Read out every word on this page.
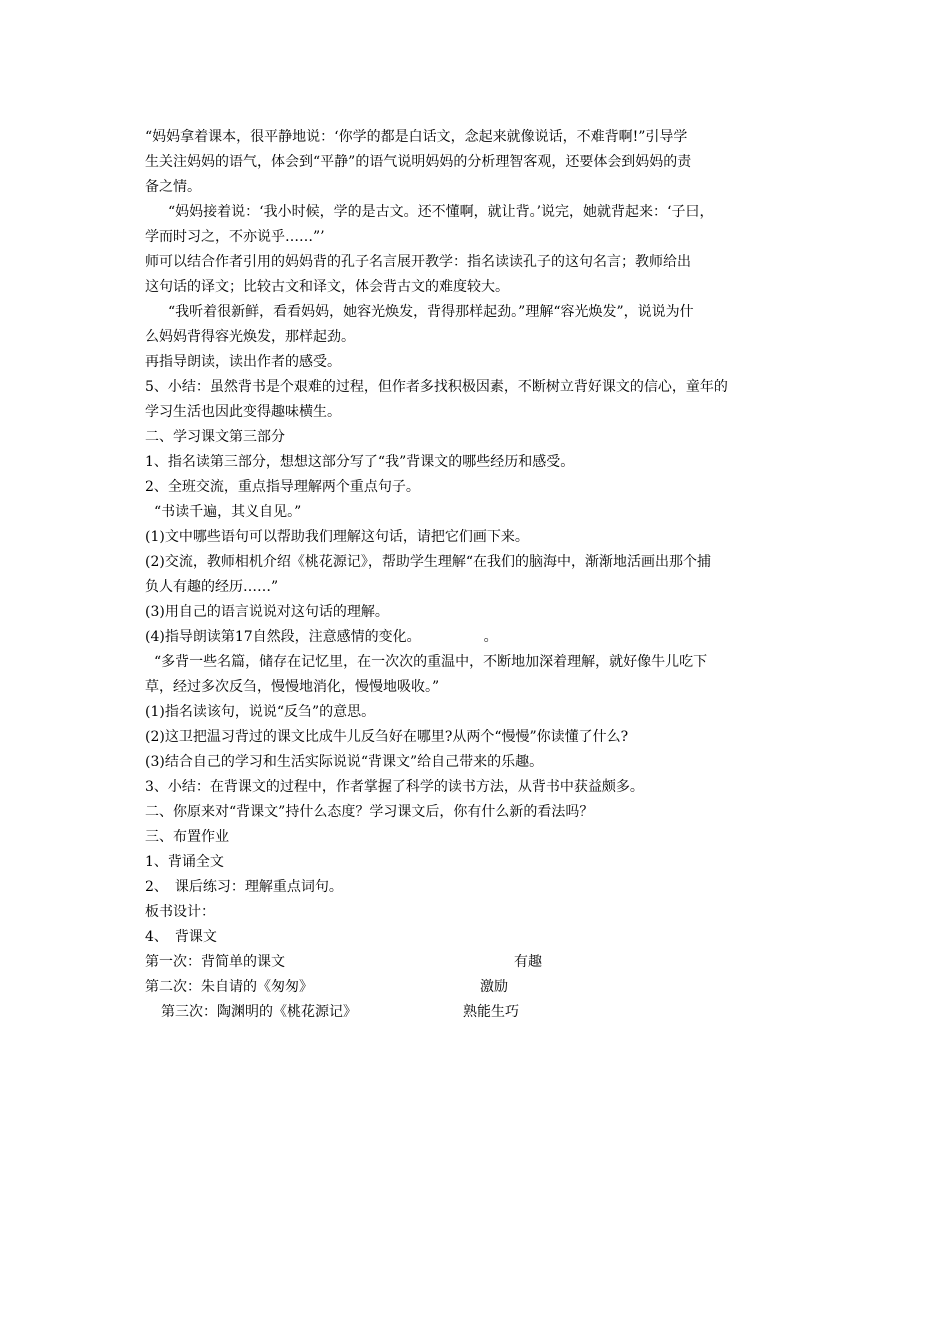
“妈妈拿着课本，很平静地说：‘你学的都是白话文，念起来就像说话，不难背啊!”引导学
生关注妈妈的语气，体会到“平静”的语气说明妈妈的分析理智客观，还要体会到妈妈的责
备之情。
“妈妈接着说：‘我小时候，学的是古文。还不懂啊，就让背。’说完，她就背起来：‘子曰，
学而时习之，不亦说乎……”’
师可以结合作者引用的妈妈背的孔子名言展开教学：指名读读孔子的这句名言；教师给出
这句话的译文；比较古文和译文，体会背古文的难度较大。
“我听着很新鲜，看看妈妈，她容光焕发，背得那样起劲。”理解“容光焕发”，说说为什
么妈妈背得容光焕发，那样起劲。
再指导朗读，读出作者的感受。
5、小结：虽然背书是个艰难的过程，但作者多找积极因素，不断树立背好课文的信心，童年的
学习生活也因此变得趣味横生。
二、学习课文第三部分
1、指名读第三部分，想想这部分写了“我”背课文的哪些经历和感受。
2、全班交流，重点指导理解两个重点句子。
“书读千遍，其义自见。”
(1)文中哪些语句可以帮助我们理解这句话，请把它们画下来。
(2)交流，教师相机介绍《桃花源记》，帮助学生理解“在我们的脑海中，渐渐地活画出那个捕
负人有趣的经历……”
(3)用自己的语言说说对这句话的理解。
(4)指导朗读第17自然段，注意感情的变化。　　　　　。
“多背一些名篇，储存在记忆里，在一次次的重温中，不断地加深着理解，就好像牛儿吃下
草，经过多次反刍，慢慢地消化，慢慢地吸收。”
(1)指名读该句，说说“反刍”的意思。
(2)这卫把温习背过的课文比成牛儿反刍好在哪里?从两个“慢慢”你读懂了什么?
(3)结合自己的学习和生活实际说说“背课文”给自己带来的乐趣。
3、小结：在背课文的过程中，作者掌握了科学的读书方法，从背书中获益颇多。
二、你原来对“背课文”持什么态度？学习课文后，你有什么新的看法吗？
三、布置作业
1、背诵全文
2、　课后练习：理解重点词句。
板书设计：
4、　背课文
第一次：背简单的课文	有趣
第二次：朱自请的《匆匆》	激励
第三次：陶渊明的《桃花源记》	熟能生巧
